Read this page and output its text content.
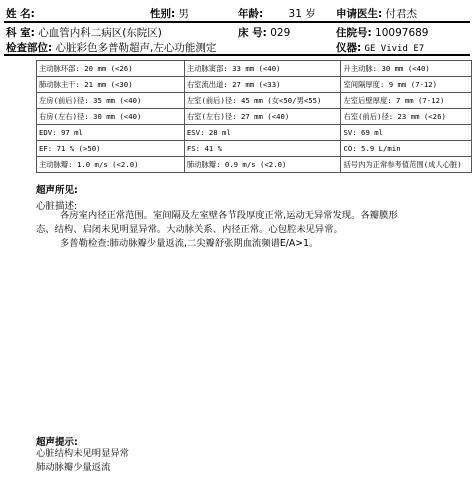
姓 名:	性别: 男	年龄: 31 岁 申请医生: 付君杰
科 室: 心血管内科二病区(东院区)	床 号: 029	住院号: 10097689
检查部位: 心脏彩色多普勒超声,左心功能测定	仪器: GE Vivid E7
主动脉环部: 20 mm (<26)	主动脉窦部: 33 mm (<40)	升主动脉: 30 mm (<40)
肺动脉主干: 21 mm (<30)	右室流出道: 27 mm (<33)	室间隔厚度: 9 mm (7-12)
左房(前后)径: 35 mm (<40)	左室(前后)径: 45 mm (女<50/男<55)	左室后壁厚度: 7 mm (7-12)
右房(左右)径: 30 mm (<40)	右室(左右)径: 27 mm (<40)	右室(前后)径: 23 mm (<26)
EDV: 97 ml	ESV: 28 ml	SV: 69 ml
EF: 71 % (>50)	FS: 41 %	CO: 5.9 L/min
主动脉瓣: 1.0 m/s (<2.0)	肺动脉瓣: 0.9 m/s (<2.0)	括号内为正常参考值范围(成人心脏)
超声所见:
心脏描述:
各房室内径正常范围。室间隔及左室壁各节段厚度正常,运动无异常发现。各瓣膜形
态、结构、启闭未见明显异常。大动脉关系、内径正常。心包腔未见异常。
多普勒检查:肺动脉瓣少量返流,二尖瓣舒张期血流频谱E/A>1。
超声提示:
心脏结构未见明显异常
肺动脉瓣少量返流
